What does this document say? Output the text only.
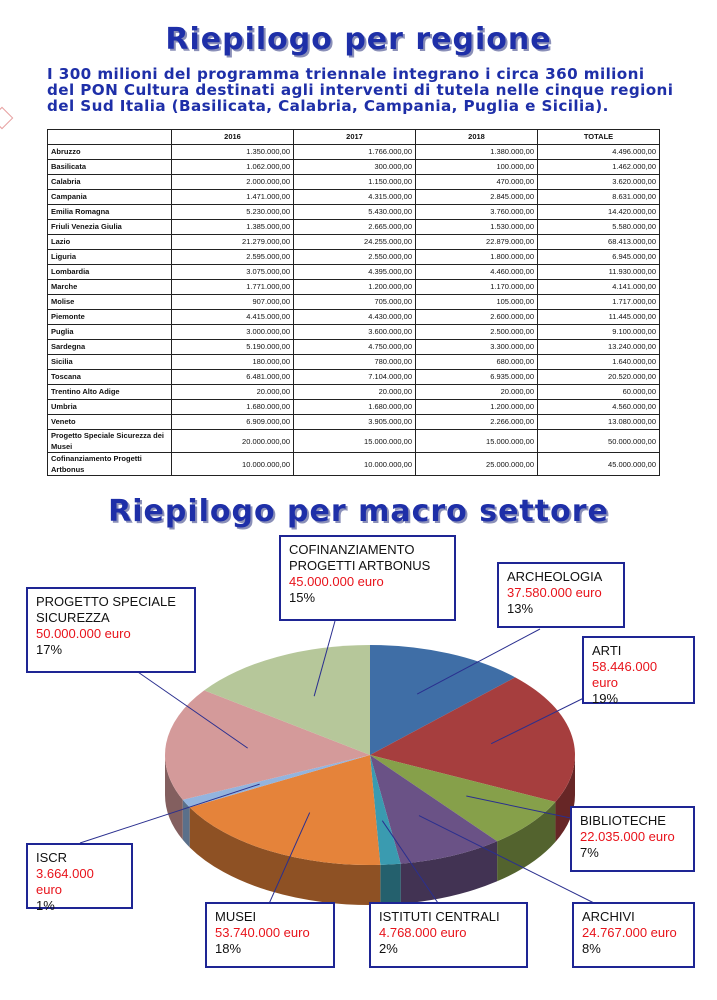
Riepilogo per regione
I 300 milioni del programma triennale integrano i circa 360 milioni
del PON Cultura destinati agli interventi di tutela nelle cinque regioni
del Sud Italia (Basilicata, Calabria, Campania, Puglia e Sicilia).
	2016	2017	2018	TOTALE
Abruzzo	1.350.000,00	1.766.000,00	1.380.000,00	4.496.000,00
Basilicata	1.062.000,00	300.000,00	100.000,00	1.462.000,00
Calabria	2.000.000,00	1.150.000,00	470.000,00	3.620.000,00
Campania	1.471.000,00	4.315.000,00	2.845.000,00	8.631.000,00
Emilia Romagna	5.230.000,00	5.430.000,00	3.760.000,00	14.420.000,00
Friuli Venezia Giulia	1.385.000,00	2.665.000,00	1.530.000,00	5.580.000,00
Lazio	21.279.000,00	24.255.000,00	22.879.000,00	68.413.000,00
Liguria	2.595.000,00	2.550.000,00	1.800.000,00	6.945.000,00
Lombardia	3.075.000,00	4.395.000,00	4.460.000,00	11.930.000,00
Marche	1.771.000,00	1.200.000,00	1.170.000,00	4.141.000,00
Molise	907.000,00	705.000,00	105.000,00	1.717.000,00
Piemonte	4.415.000,00	4.430.000,00	2.600.000,00	11.445.000,00
Puglia	3.000.000,00	3.600.000,00	2.500.000,00	9.100.000,00
Sardegna	5.190.000,00	4.750.000,00	3.300.000,00	13.240.000,00
Sicilia	180.000,00	780.000,00	680.000,00	1.640.000,00
Toscana	6.481.000,00	7.104.000,00	6.935.000,00	20.520.000,00
Trentino Alto Adige	20.000,00	20.000,00	20.000,00	60.000,00
Umbria	1.680.000,00	1.680.000,00	1.200.000,00	4.560.000,00
Veneto	6.909.000,00	3.905.000,00	2.266.000,00	13.080.000,00
Progetto Speciale Sicurezza dei Musei	20.000.000,00	15.000.000,00	15.000.000,00	50.000.000,00
Cofinanziamento Progetti Artbonus	10.000.000,00	10.000.000,00	25.000.000,00	45.000.000,00
Riepilogo per macro settore
COFINANZIAMENTO PROGETTI ARTBONUS
45.000.000 euro
15%
ARCHEOLOGIA
37.580.000 euro
13%
PROGETTO SPECIALE SICUREZZA
50.000.000 euro
17%	ARTI
58.446.000 euro
19%
BIBLIOTECHE
22.035.000 euro
7%
ISCR
3.664.000 euro
1%
MUSEI
53.740.000 euro
18%
ISTITUTI CENTRALI
4.768.000 euro
2%
ARCHIVI
24.767.000 euro
8%
